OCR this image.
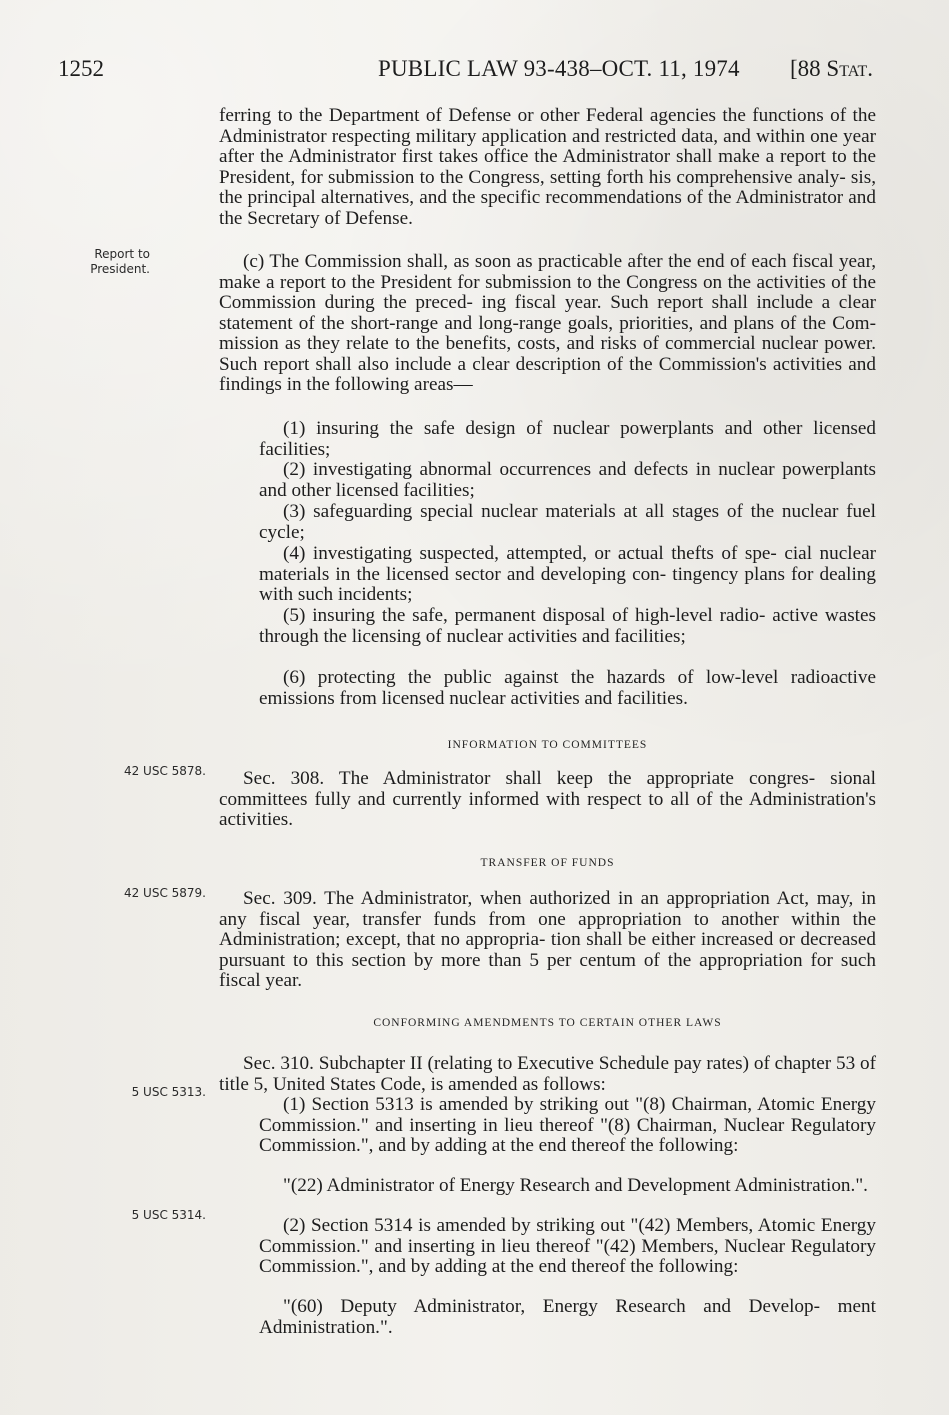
1252	PUBLIC LAW 93-438–OCT. 11, 1974 [88 Stat.
Report to
President.
42 USC 5878.
42 USC 5879.
5 USC 5313.
5 USC 5314.

ferring to the Department of Defense or other Federal agencies the functions of the Administrator respecting military application and restricted data, and within one year after the Administrator first takes office the Administrator shall make a report to the President, for submission to the Congress, setting forth his comprehensive analy- sis, the principal alternatives, and the specific recommendations of the Administrator and the Secretary of Defense.

(c) The Commission shall, as soon as practicable after the end of each fiscal year, make a report to the President for submission to the Congress on the activities of the Commission during the preced- ing fiscal year. Such report shall include a clear statement of the short-range and long-range goals, priorities, and plans of the Com- mission as they relate to the benefits, costs, and risks of commercial nuclear power. Such report shall also include a clear description of the Commission's activities and findings in the following areas—

(1) insuring the safe design of nuclear powerplants and other licensed facilities;

(2) investigating abnormal occurrences and defects in nuclear powerplants and other licensed facilities;

(3) safeguarding special nuclear materials at all stages of the nuclear fuel cycle;

(4) investigating suspected, attempted, or actual thefts of spe- cial nuclear materials in the licensed sector and developing con- tingency plans for dealing with such incidents;

(5) insuring the safe, permanent disposal of high-level radio- active wastes through the licensing of nuclear activities and facilities;

(6) protecting the public against the hazards of low-level radioactive emissions from licensed nuclear activities and facilities.

INFORMATION TO COMMITTEES

Sec. 308. The Administrator shall keep the appropriate congres- sional committees fully and currently informed with respect to all of the Administration's activities.

TRANSFER OF FUNDS

Sec. 309. The Administrator, when authorized in an appropriation Act, may, in any fiscal year, transfer funds from one appropriation to another within the Administration; except, that no appropria- tion shall be either increased or decreased pursuant to this section by more than 5 per centum of the appropriation for such fiscal year.

CONFORMING AMENDMENTS TO CERTAIN OTHER LAWS

Sec. 310. Subchapter II (relating to Executive Schedule pay rates) of chapter 53 of title 5, United States Code, is amended as follows:

(1) Section 5313 is amended by striking out "(8) Chairman, Atomic Energy Commission." and inserting in lieu thereof "(8) Chairman, Nuclear Regulatory Commission.", and by adding at the end thereof the following:

"(22) Administrator of Energy Research and Development Administration.".

(2) Section 5314 is amended by striking out "(42) Members, Atomic Energy Commission." and inserting in lieu thereof "(42) Members, Nuclear Regulatory Commission.", and by adding at the end thereof the following:

"(60) Deputy Administrator, Energy Research and Develop- ment Administration.".
